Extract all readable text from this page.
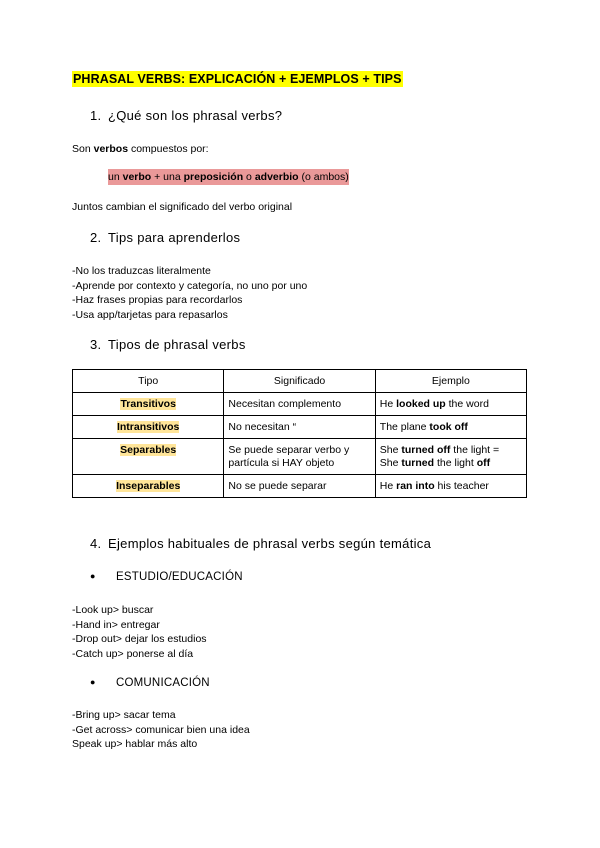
PHRASAL VERBS: EXPLICACIÓN + EJEMPLOS + TIPS
1. ¿Qué son los phrasal verbs?
Son verbos compuestos por:
un verbo + una preposición o adverbio (o ambos)
Juntos cambian el significado del verbo original
2. Tips para aprenderlos
-No los traduzcas literalmente
-Aprende por contexto y categoría, no uno por uno
-Haz frases propias para recordarlos
-Usa app/tarjetas para repasarlos
3. Tipos de phrasal verbs
Tipo	Significado	Ejemplo
Transitivos	Necesitan complemento	He looked up the word
Intransitivos	No necesitan “	The plane took off
Separables	Se puede separar verbo y partícula si HAY objeto	She turned off the light =
She turned the light off
Inseparables	No se puede separar	He ran into his teacher
4. Ejemplos habituales de phrasal verbs según temática
● ESTUDIO/EDUCACIÓN
-Look up> buscar
-Hand in> entregar
-Drop out> dejar los estudios
-Catch up> ponerse al día
● COMUNICACIÓN
-Bring up> sacar tema
-Get across> comunicar bien una idea
Speak up> hablar más alto
